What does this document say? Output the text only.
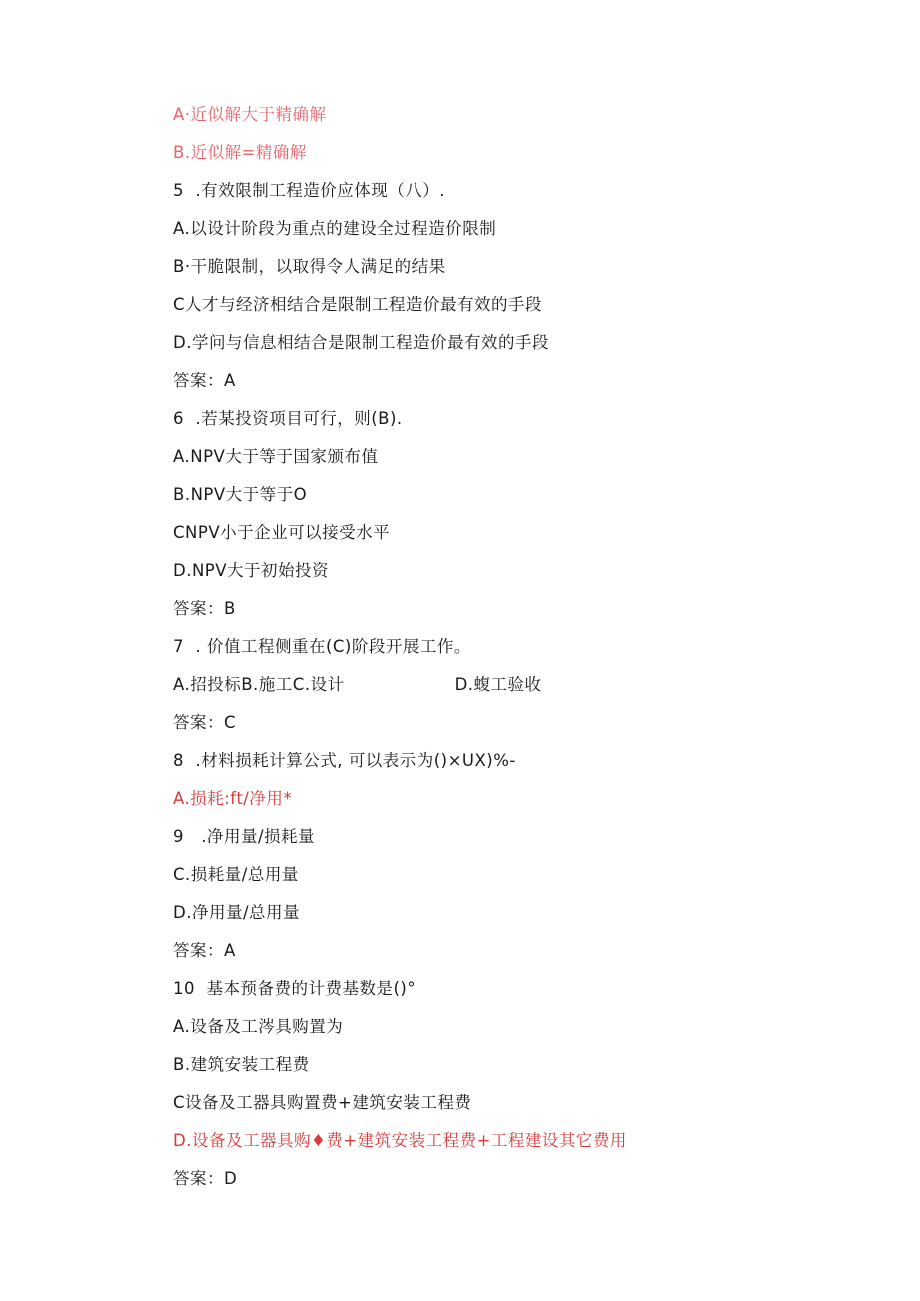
A·近似解大于精确解
B.近似解=精确解
5  .有效限制工程造价应体现（八）.
A.以设计阶段为重点的建设全过程造价限制
B·干脆限制，以取得令人满足的结果
C人才与经济相结合是限制工程造价最有效的手段
D.学问与信息相结合是限制工程造价最有效的手段
答案：A
6  .若某投资项目可行，则(B).
A.NPV大于等于国家颁布值
B.NPV大于等于O
CNPV小于企业可以接受水平
D.NPV大于初始投资
答案：B
7  . 价值工程侧重在(C)阶段开展工作。
A.招投标B.施工C.设计	D.蝮工验收
答案：C
8  .材料损耗计算公式, 可以表示为()×UX)%-
A.损耗:ft/净用*
9   .净用量/损耗量
C.损耗量/总用量
D.净用量/总用量
答案：A
10  基本预备费的计费基数是()°
A.设备及工涔具购置为
B.建筑安装工程费
C设备及工器具购置费+建筑安装工程费
D.设备及工器具购♦费+建筑安装工程费+工程建设其它费用
答案：D
